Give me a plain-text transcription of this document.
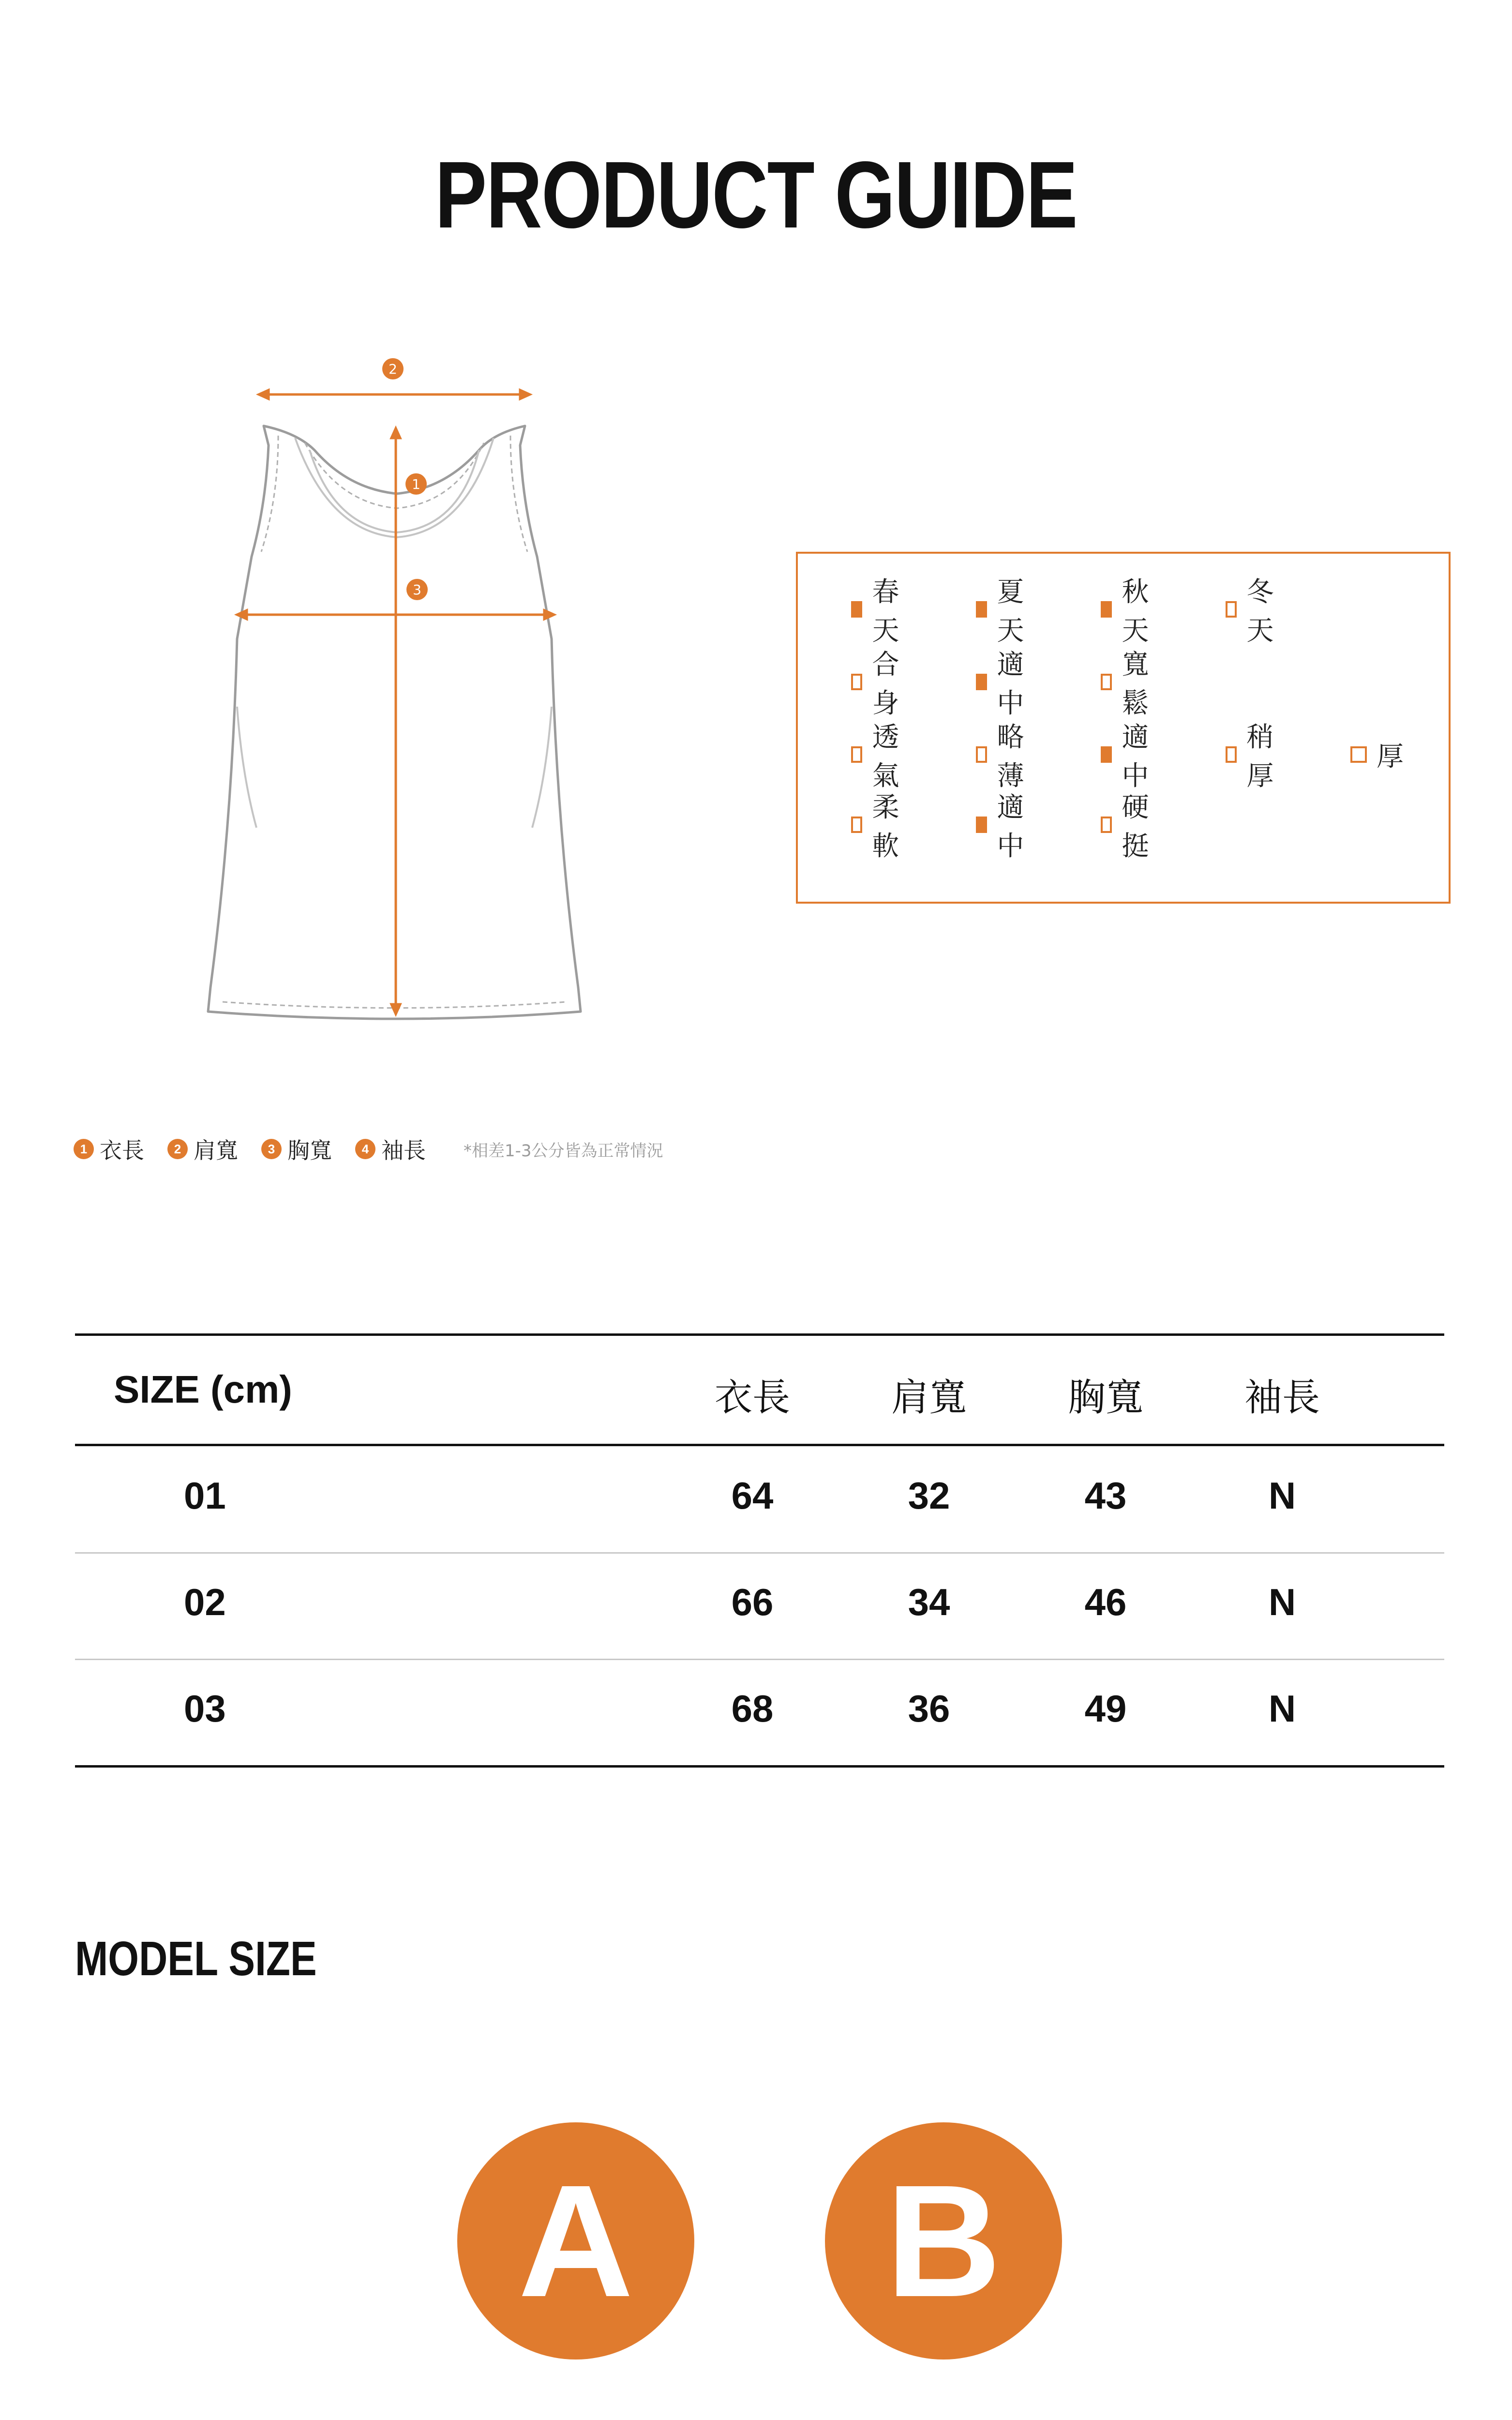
PRODUCT GUIDE
2
1
3	春天
夏天
秋天
冬天
合身
適中
寬鬆
透氣
略薄
適中
稍厚
厚
柔軟
適中
硬挺
1 衣長	2 肩寬	3 胸寬	4 袖長 *相差1-3公分皆為正常情況
SIZE (cm)	衣長	肩寬	胸寬	袖長
01	64	32	43	N
02	66	34	46	N
03	68	36	49	N
MODEL SIZE
A	B
